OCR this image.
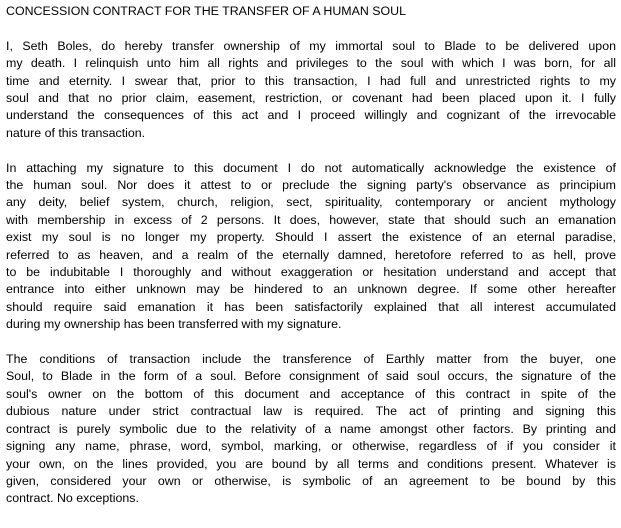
CONCESSION CONTRACT FOR THE TRANSFER OF A HUMAN SOUL
I, Seth Boles, do hereby transfer ownership of my immortal soul to Blade to be delivered upon
my death. I relinquish unto him all rights and privileges to the soul with which I was born, for all
time and eternity. I swear that, prior to this transaction, I had full and unrestricted rights to my
soul and that no prior claim, easement, restriction, or covenant had been placed upon it. I fully
understand the consequences of this act and I proceed willingly and cognizant of the irrevocable
nature of this transaction.
In attaching my signature to this document I do not automatically acknowledge the existence of
the human soul. Nor does it attest to or preclude the signing party's observance as principium
any deity, belief system, church, religion, sect, spirituality, contemporary or ancient mythology
with membership in excess of 2 persons. It does, however, state that should such an emanation
exist my soul is no longer my property. Should I assert the existence of an eternal paradise,
referred to as heaven, and a realm of the eternally damned, heretofore referred to as hell, prove
to be indubitable I thoroughly and without exaggeration or hesitation understand and accept that
entrance into either unknown may be hindered to an unknown degree. If some other hereafter
should require said emanation it has been satisfactorily explained that all interest accumulated
during my ownership has been transferred with my signature.
The conditions of transaction include the transference of Earthly matter from the buyer, one
Soul, to Blade in the form of a soul. Before consignment of said soul occurs, the signature of the
soul's owner on the bottom of this document and acceptance of this contract in spite of the
dubious nature under strict contractual law is required. The act of printing and signing this
contract is purely symbolic due to the relativity of a name amongst other factors. By printing and
signing any name, phrase, word, symbol, marking, or otherwise, regardless of if you consider it
your own, on the lines provided, you are bound by all terms and conditions present. Whatever is
given, considered your own or otherwise, is symbolic of an agreement to be bound by this
contract. No exceptions.
